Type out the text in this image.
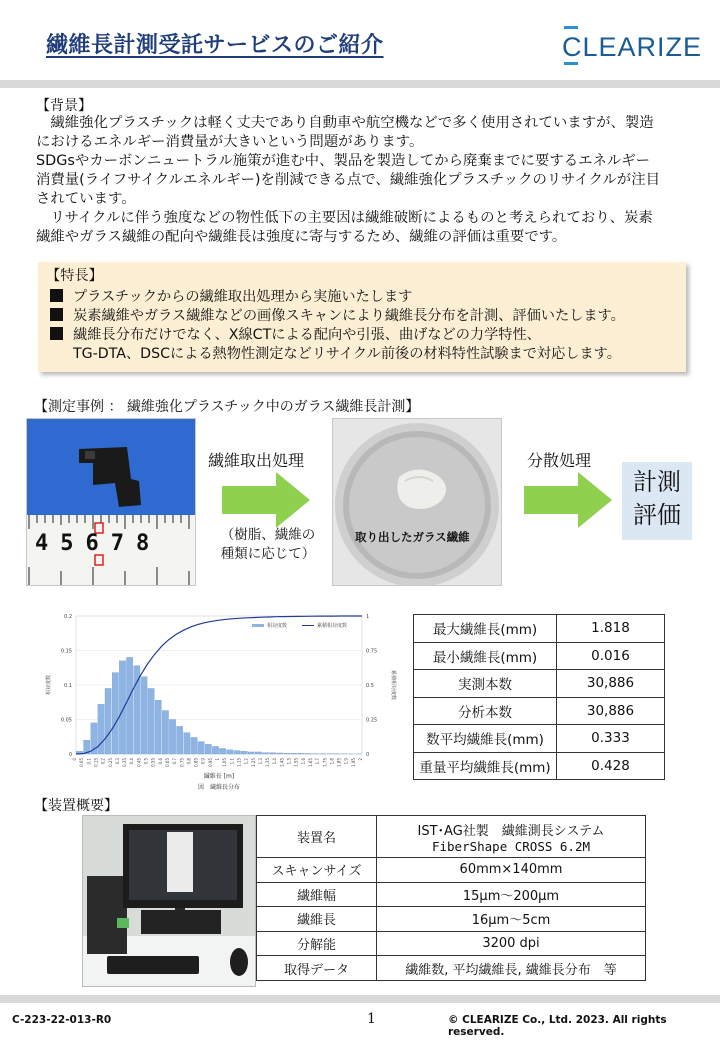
繊維長計測受託サービスのご紹介	CLEARIZE
【背景】
　繊維強化プラスチックは軽く丈夫であり自動車や航空機などで多く使用されていますが、製造
におけるエネルギー消費量が大きいという問題があります。
SDGsやカーボンニュートラル施策が進む中、製品を製造してから廃棄までに要するエネルギー
消費量(ライフサイクルエネルギー)を削減できる点で、繊維強化プラスチックのリサイクルが注目
されています。
　リサイクルに伴う強度などの物性低下の主要因は繊維破断によるものと考えられており、炭素
繊維やガラス繊維の配向や繊維長は強度に寄与するため、繊維の評価は重要です。
【特長】
プラスチックからの繊維取出処理から実施いたします
炭素繊維やガラス繊維などの画像スキャンにより繊維長分布を計測、評価いたします。
繊維長分布だけでなく、X線CTによる配向や引張、曲げなどの力学特性、
TG-DTA、DSCによる熱物性測定などリサイクル前後の材料特性試験まで対応します。
【測定事例 ： 繊維強化プラスチック中のガラス繊維長計測】
45678
繊維取出処理
（樹脂、繊維の
種類に応じて）
取り出したガラス繊維
分散処理
計測
評価
0
0.05
0.1
0.15
0.2
0
0.25
0.5
0.75
1
0 0.05 0.1 0.15 0.2 0.25 0.3 0.35 0.4 0.45 0.5 0.55 0.6 0.65 0.7 0.75 0.8 0.85 0.9 0.95 1 1.05 1.1 1.15 1.2 1.25 1.3 1.35 1.4 1.45 1.5 1.55 1.6 1.65 1.7 1.75 1.8 1.85 1.9 1.95 2
繊維長 [m]
図　繊維長分布
相対度数	累積相対度数
相対度数	累積相対度数	最大繊維長(mm)	1.818
最小繊維長(mm)	0.016
実測本数	30,886
分析本数	30,886
数平均繊維長(mm)	0.333
重量平均繊維長(mm)	0.428
【装置概要】
装置名	IST･AG社製　繊維測長システム
FiberShape CROSS 6.2M

スキャンサイズ	60mm×140mm
繊維幅	15μm～200μm
繊維長	16μm～5cm
分解能	3200 dpi
取得データ	繊維数, 平均繊維長, 繊維長分布　等
C-223-22-013-R0	1	© CLEARIZE Co., Ltd. 2023. All rights reserved.
